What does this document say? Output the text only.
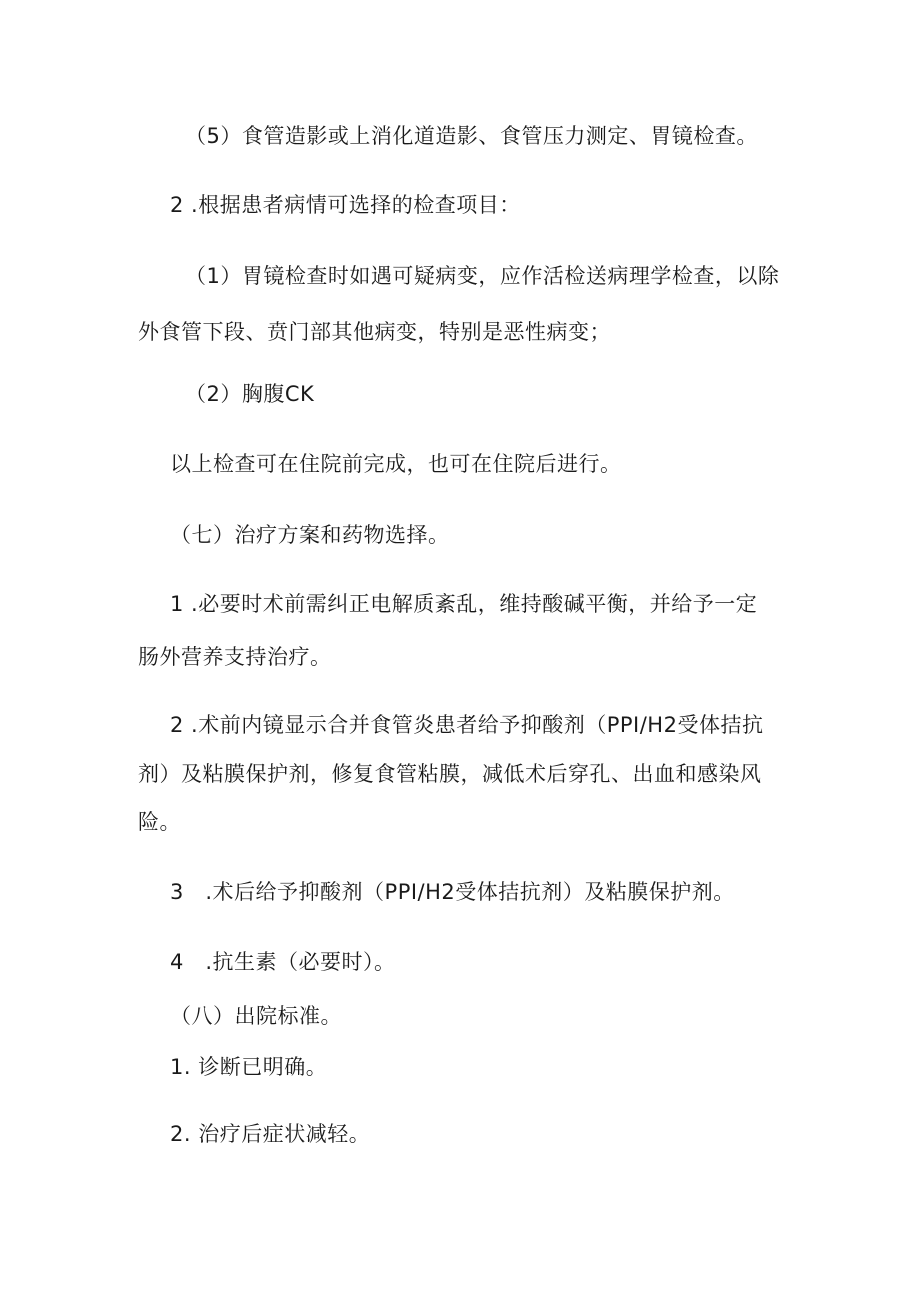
（5）食管造影或上消化道造影、食管压力测定、胃镜检查。
2 .根据患者病情可选择的检查项目：
（1）胃镜检查时如遇可疑病变，应作活检送病理学检查，以除
外食管下段、贲门部其他病变，特别是恶性病变；
（2）胸腹CK
以上检查可在住院前完成，也可在住院后进行。
（七）治疗方案和药物选择。
1 .必要时术前需纠正电解质紊乱，维持酸碱平衡，并给予一定
肠外营养支持治疗。
2 .术前内镜显示合并食管炎患者给予抑酸剂（PPI/H2受体拮抗
剂）及粘膜保护剂，修复食管粘膜，减低术后穿孔、出血和感染风
险。
3　.术后给予抑酸剂（PPI/H2受体拮抗剂）及粘膜保护剂。
4　.抗生素（必要时）。
（八）出院标准。
1. 诊断已明确。
2. 治疗后症状减轻。
